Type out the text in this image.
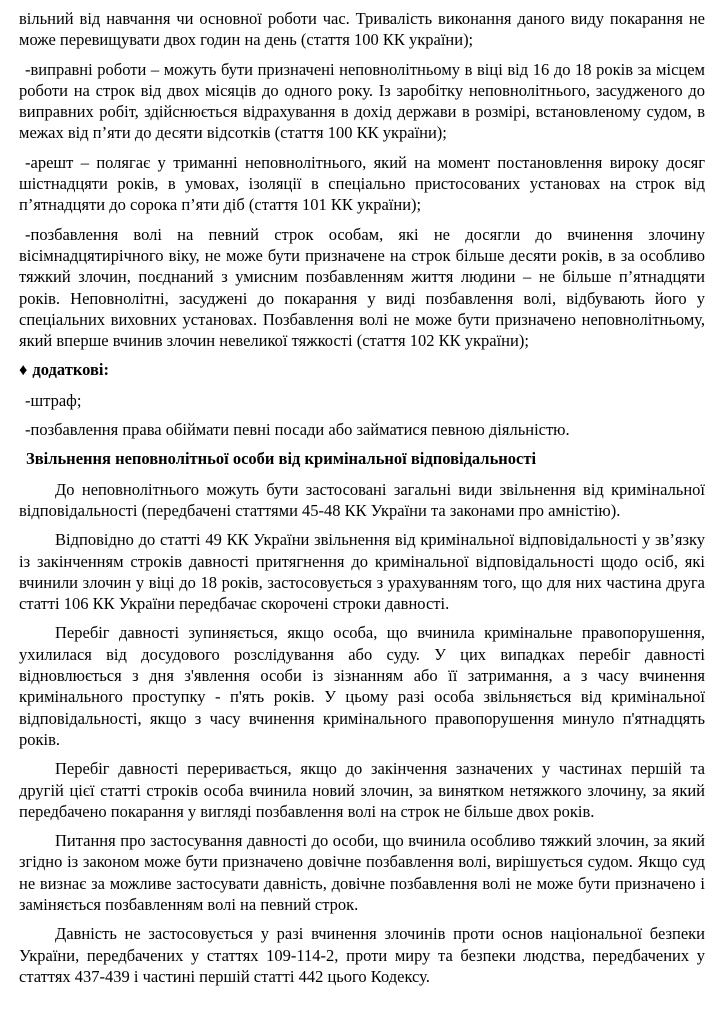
вільний від навчання чи основної роботи час. Тривалість виконання даного виду покарання не може перевищувати двох годин на день (стаття 100 КК україни);

-виправні роботи – можуть бути призначені неповнолітньому в віці від 16 до 18 років за місцем роботи на строк від двох місяців до одного року. Із заробітку неповнолітнього, засудженого до виправних робіт, здійснюється відрахування в дохід держави в розмірі, встановленому судом, в межах від п’яти до десяти відсотків (стаття 100 КК україни);

-арешт – полягає у триманні неповнолітнього, який на момент постановлення вироку досяг шістнадцяти років, в умовах, ізоляції в спеціально пристосованих установах на строк від п’ятнадцяти до сорока п’яти діб (стаття 101 КК україни);

-позбавлення волі на певний строк особам, які не досягли до вчинення злочину вісімнадцятирічного віку, не може бути призначене на строк більше десяти років, в за особливо тяжкий злочин, поєднаний з умисним позбавленням життя людини – не більше п’ятнадцяти років. Неповнолітні, засуджені до покарання у виді позбавлення волі, відбувають його у спеціальних виховних установах. Позбавлення волі не може бути призначено неповнолітньому, який вперше вчинив злочин невеликої тяжкості (стаття 102 КК україни);

♦ додаткові:

-штраф;

-позбавлення права обіймати певні посади або займатися певною діяльністю.

Звільнення неповнолітньої особи від кримінальної відповідальності

До неповнолітнього можуть бути застосовані загальні види звільнення від кримінальної відповідальності (передбачені статтями 45-48 КК України та законами про амністію).

Відповідно до статті 49 КК України звільнення від кримінальної відповідальності у зв’язку із закінченням строків давності притягнення до кримінальної відповідальності щодо осіб, які вчинили злочин у віці до 18 років, застосовується з урахуванням того, що для них частина друга статті 106 КК України передбачає скорочені строки давності.

Перебіг давності зупиняється, якщо особа, що вчинила кримінальне правопорушення, ухилилася від досудового розслідування або суду. У цих випадках перебіг давності відновлюється з дня з'явлення особи із зізнанням або її затримання, а з часу вчинення кримінального проступку - п'ять років. У цьому разі особа звільняється від кримінальної відповідальності, якщо з часу вчинення кримінального правопорушення минуло п'ятнадцять років.

Перебіг давності переривається, якщо до закінчення зазначених у частинах першій та другій цієї статті строків особа вчинила новий злочин, за винятком нетяжкого злочину, за який передбачено покарання у вигляді позбавлення волі на строк не більше двох років.

Питання про застосування давності до особи, що вчинила особливо тяжкий злочин, за який згідно із законом може бути призначено довічне позбавлення волі, вирішується судом. Якщо суд не визнає за можливе застосувати давність, довічне позбавлення волі не може бути призначено і заміняється позбавленням волі на певний строк.

Давність не застосовується у разі вчинення злочинів проти основ національної безпеки України, передбачених у статтях 109-114-2, проти миру та безпеки людства, передбачених у статтях 437-439 і частині першій статті 442 цього Кодексу.
